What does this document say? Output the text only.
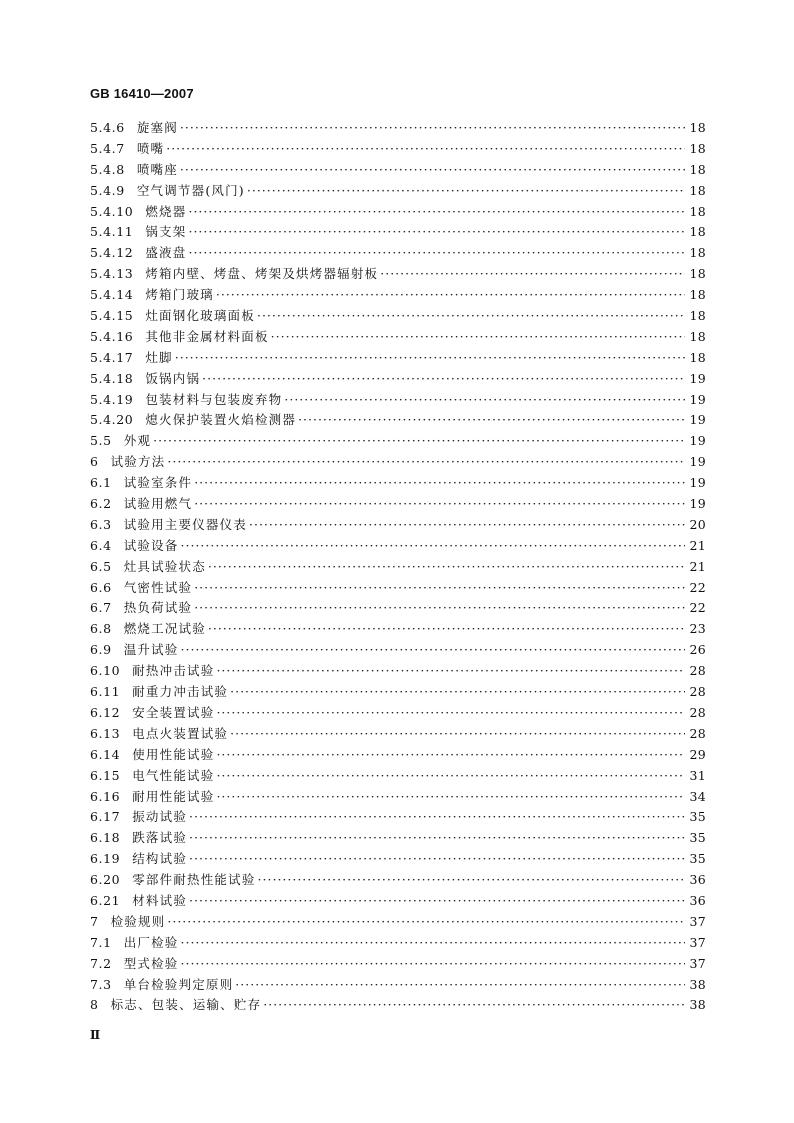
GB 16410—2007
5.4.6 旋塞阀 ·····	18
5.4.7 喷嘴 ·····	18
5.4.8 喷嘴座 ·····	18
5.4.9 空气调节器(风门) ·····	18
5.4.10 燃烧器 ·····	18
5.4.11 锅支架 ·····	18
5.4.12 盛液盘 ·····	18
5.4.13 烤箱内壁、烤盘、烤架及烘烤器辐射板 ·····	18
5.4.14 烤箱门玻璃 ·····	18
5.4.15 灶面钢化玻璃面板 ·····	18
5.4.16 其他非金属材料面板 ·····	18
5.4.17 灶脚 ·····	18
5.4.18 饭锅内锅 ·····	19
5.4.19 包装材料与包装废弃物 ·····	19
5.4.20 熄火保护装置火焰检测器 ·····	19
5.5 外观 ·····	19
6 试验方法 ·····	19
6.1 试验室条件 ·····	19
6.2 试验用燃气 ·····	19
6.3 试验用主要仪器仪表 ·····	20
6.4 试验设备 ·····	21
6.5 灶具试验状态 ·····	21
6.6 气密性试验 ·····	22
6.7 热负荷试验 ·····	22
6.8 燃烧工况试验 ·····	23
6.9 温升试验 ·····	26
6.10 耐热冲击试验 ·····	28
6.11 耐重力冲击试验 ·····	28
6.12 安全装置试验 ·····	28
6.13 电点火装置试验 ·····	28
6.14 使用性能试验 ·····	29
6.15 电气性能试验 ·····	31
6.16 耐用性能试验 ·····	34
6.17 振动试验 ·····	35
6.18 跌落试验 ·····	35
6.19 结构试验 ·····	35
6.20 零部件耐热性能试验 ·····	36
6.21 材料试验 ·····	36
7 检验规则 ·····	37
7.1 出厂检验 ·····	37
7.2 型式检验 ·····	37
7.3 单台检验判定原则 ·····	38
8 标志、包装、运输、贮存 ·····	38
Ⅱ
